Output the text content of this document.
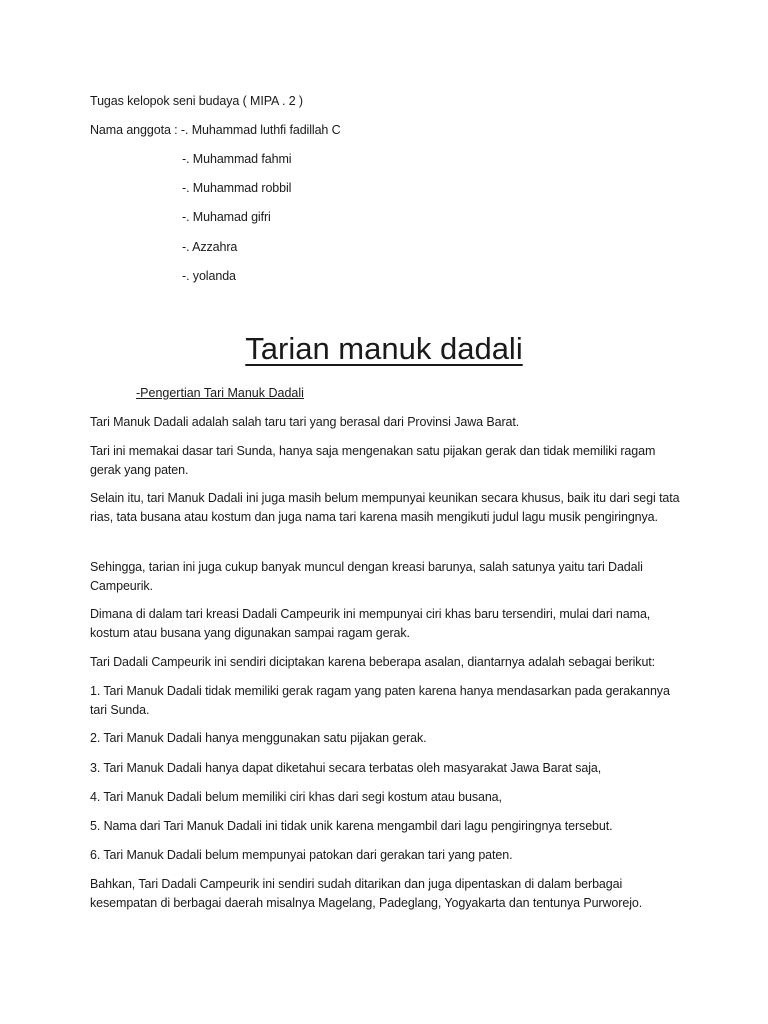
Tugas kelopok seni budaya ( MIPA . 2 )
Nama anggota : -. Muhammad luthfi fadillah C
-. Muhammad fahmi
-. Muhammad robbil
-. Muhamad gifri
-. Azzahra
-. yolanda
Tarian manuk dadali
-Pengertian Tari Manuk Dadali
Tari Manuk Dadali adalah salah taru tari yang berasal dari Provinsi Jawa Barat.
Tari ini memakai dasar tari Sunda, hanya saja mengenakan satu pijakan gerak dan tidak memiliki ragam gerak yang paten.
Selain itu, tari Manuk Dadali ini juga masih belum mempunyai keunikan secara khusus, baik itu dari segi tata rias, tata busana atau kostum dan juga nama tari karena masih mengikuti judul lagu musik pengiringnya.
Sehingga, tarian ini juga cukup banyak muncul dengan kreasi barunya, salah satunya yaitu tari Dadali Campeurik.
Dimana di dalam tari kreasi Dadali Campeurik ini mempunyai ciri khas baru tersendiri, mulai dari nama, kostum atau busana yang digunakan sampai ragam gerak.
Tari Dadali Campeurik ini sendiri diciptakan karena beberapa asalan, diantarnya adalah sebagai berikut:
1. Tari Manuk Dadali tidak memiliki gerak ragam yang paten karena hanya mendasarkan pada gerakannya tari Sunda.
2. Tari Manuk Dadali hanya menggunakan satu pijakan gerak.
3. Tari Manuk Dadali hanya dapat diketahui secara terbatas oleh masyarakat Jawa Barat saja,
4. Tari Manuk Dadali belum memiliki ciri khas dari segi kostum atau busana,
5. Nama dari Tari Manuk Dadali ini tidak unik karena mengambil dari lagu pengiringnya tersebut.
6. Tari Manuk Dadali belum mempunyai patokan dari gerakan tari yang paten.
Bahkan, Tari Dadali Campeurik ini sendiri sudah ditarikan dan juga dipentaskan di dalam berbagai kesempatan di berbagai daerah misalnya Magelang, Padeglang, Yogyakarta dan tentunya Purworejo.
